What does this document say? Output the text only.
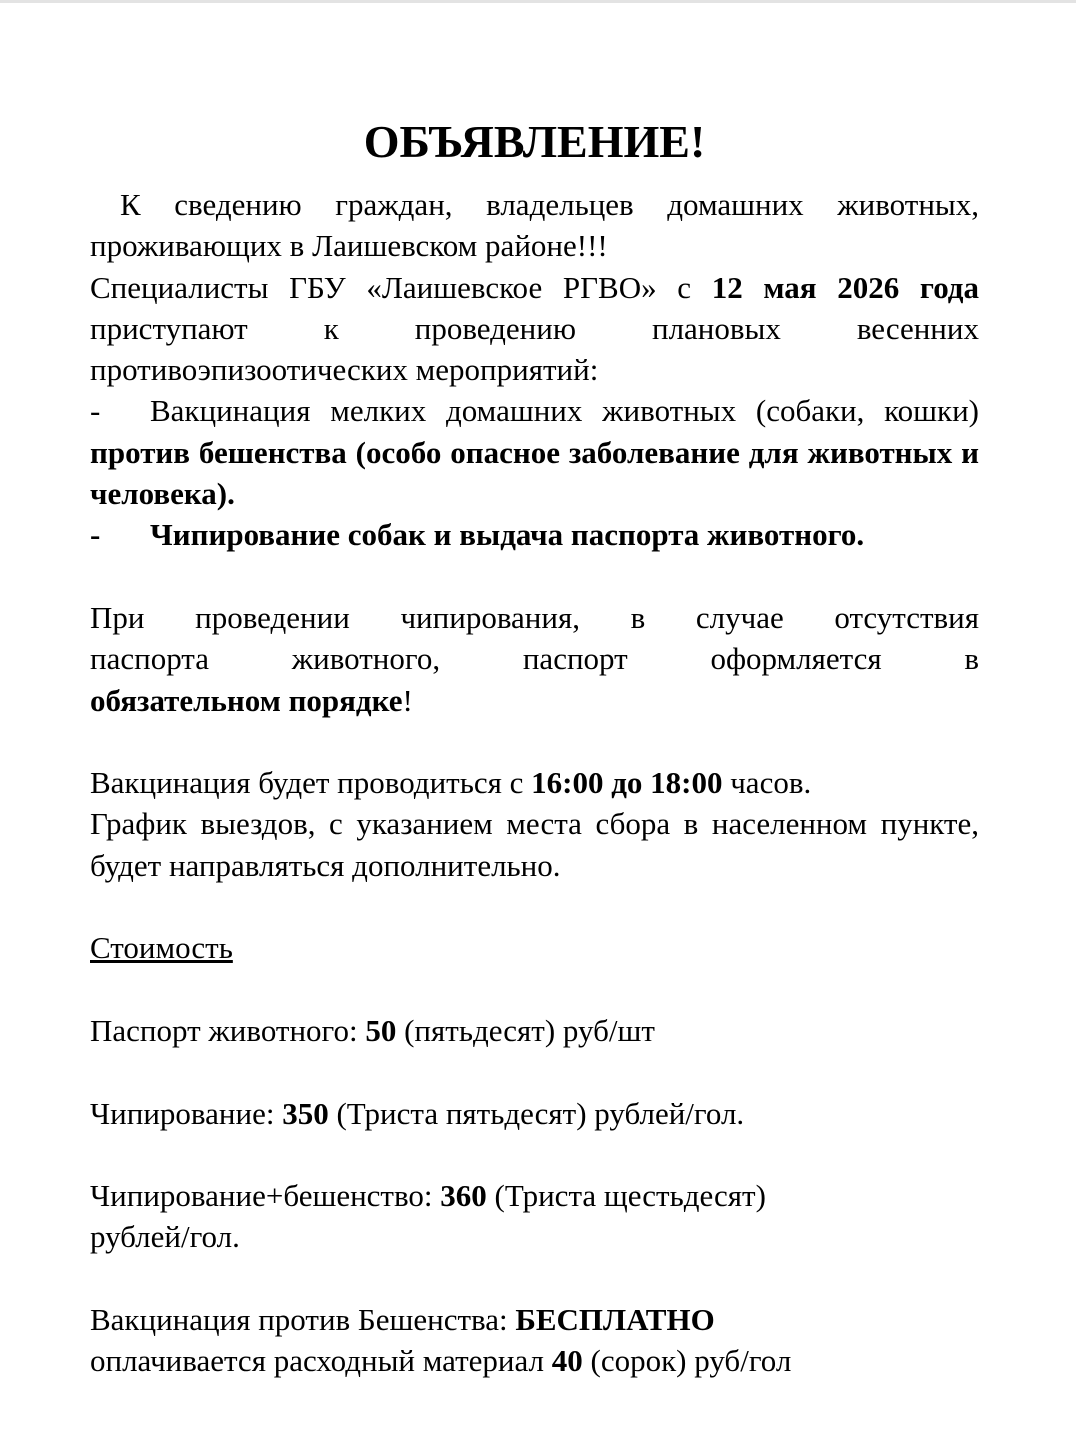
ОБЪЯВЛЕНИЕ!

К сведению граждан, владельцев домашних животных, проживающих в Лаишевском районе!!!

Специалисты ГБУ «Лаишевское РГВО» с 12 мая 2026 года приступают к проведению плановых весенних противоэпизоотических мероприятий:

- Вакцинация мелких домашних животных (собаки, кошки) против бешенства (особо опасное заболевание для животных и человека).

- Чипирование собак и выдача паспорта животного.

При проведении чипирования, в случае отсутствия
паспорта	животного,	паспорт	оформляется	в

обязательном порядке!

Вакцинация будет проводиться с 16:00 до 18:00 часов.

График выездов, с указанием места сбора в населенном пункте, будет направляться дополнительно.

Стоимость

Паспорт животного: 50 (пятьдесят) руб/шт

Чипирование: 350 (Триста пятьдесят) рублей/гол.

Чипирование+бешенство: 360 (Триста щестьдесят)

рублей/гол.

Вакцинация против Бешенства: БЕСПЛАТНО

оплачивается расходный материал 40 (сорок) руб/гол
